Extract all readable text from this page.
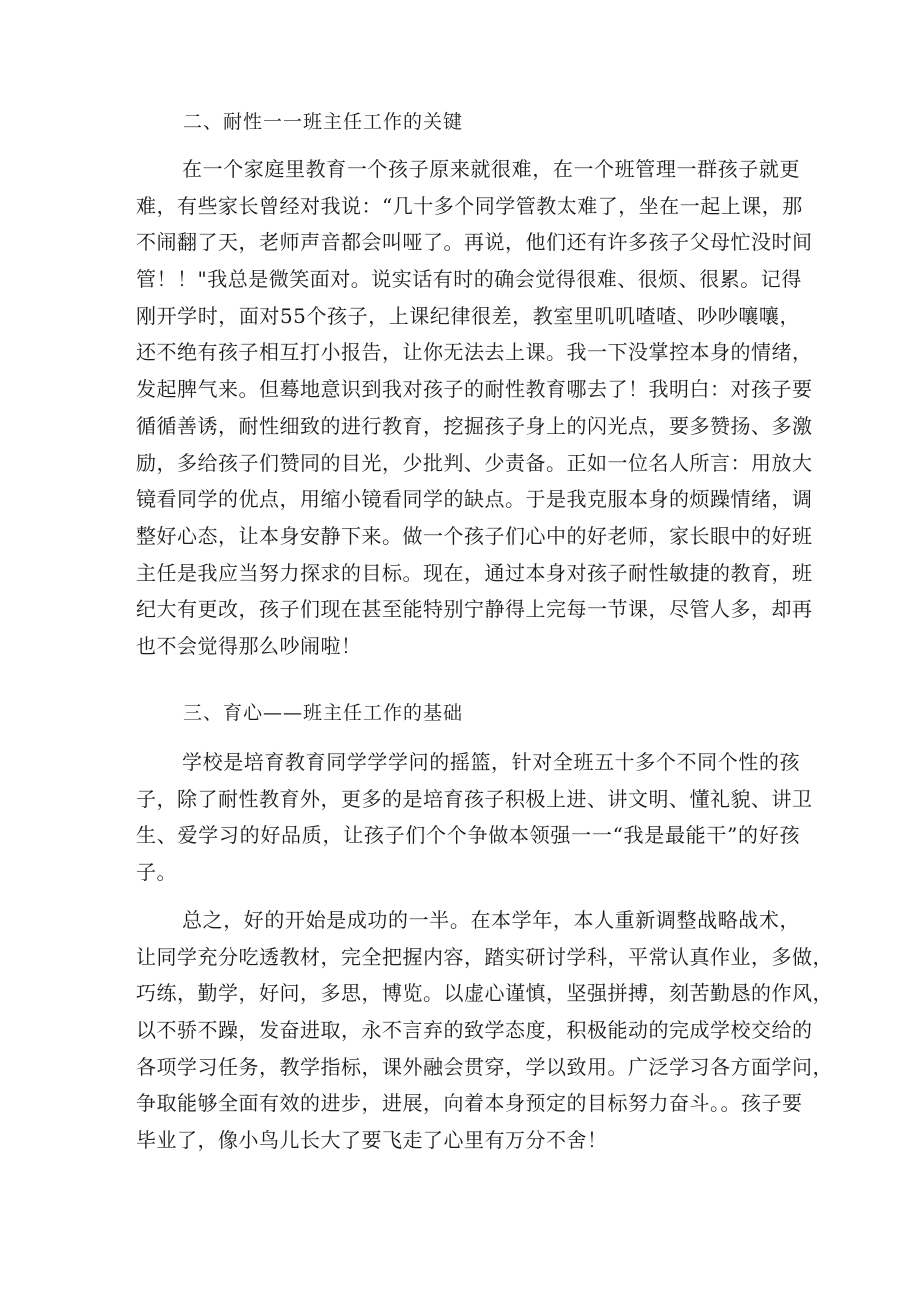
二、耐性一一班主任工作的关键
在一个家庭里教育一个孩子原来就很难，在一个班管理一群孩子就更
难，有些家长曾经对我说：“几十多个同学管教太难了，坐在一起上课，那
不闹翻了天，老师声音都会叫哑了。再说，他们还有许多孩子父母忙没时间
管！！"我总是微笑面对。说实话有时的确会觉得很难、很烦、很累。记得
刚开学时，面对55个孩子，上课纪律很差，教室里叽叽喳喳、吵吵嚷嚷，
还不绝有孩子相互打小报告，让你无法去上课。我一下没掌控本身的情绪，
发起脾气来。但蓦地意识到我对孩子的耐性教育哪去了！我明白：对孩子要
循循善诱，耐性细致的进行教育，挖掘孩子身上的闪光点，要多赞扬、多激
励，多给孩子们赞同的目光，少批判、少责备。正如一位名人所言：用放大
镜看同学的优点，用缩小镜看同学的缺点。于是我克服本身的烦躁情绪，调
整好心态，让本身安静下来。做一个孩子们心中的好老师，家长眼中的好班
主任是我应当努力探求的目标。现在，通过本身对孩子耐性敏捷的教育，班
纪大有更改，孩子们现在甚至能特别宁静得上完每一节课，尽管人多，却再
也不会觉得那么吵闹啦！
三、育心——班主任工作的基础
学校是培育教育同学学学问的摇篮，针对全班五十多个不同个性的孩
子，除了耐性教育外，更多的是培育孩子积极上进、讲文明、懂礼貌、讲卫
生、爱学习的好品质，让孩子们个个争做本领强一一“我是最能干”的好孩
子。
总之，好的开始是成功的一半。在本学年，本人重新调整战略战术，
让同学充分吃透教材，完全把握内容，踏实研讨学科，平常认真作业，多做，
巧练，勤学，好问，多思，博览。以虚心谨慎，坚强拼搏，刻苦勤恳的作风，
以不骄不躁，发奋进取，永不言弃的致学态度，积极能动的完成学校交给的
各项学习任务，教学指标，课外融会贯穿，学以致用。广泛学习各方面学问，
争取能够全面有效的进步，进展，向着本身预定的目标努力奋斗。。孩子要
毕业了，像小鸟儿长大了要飞走了心里有万分不舍！
